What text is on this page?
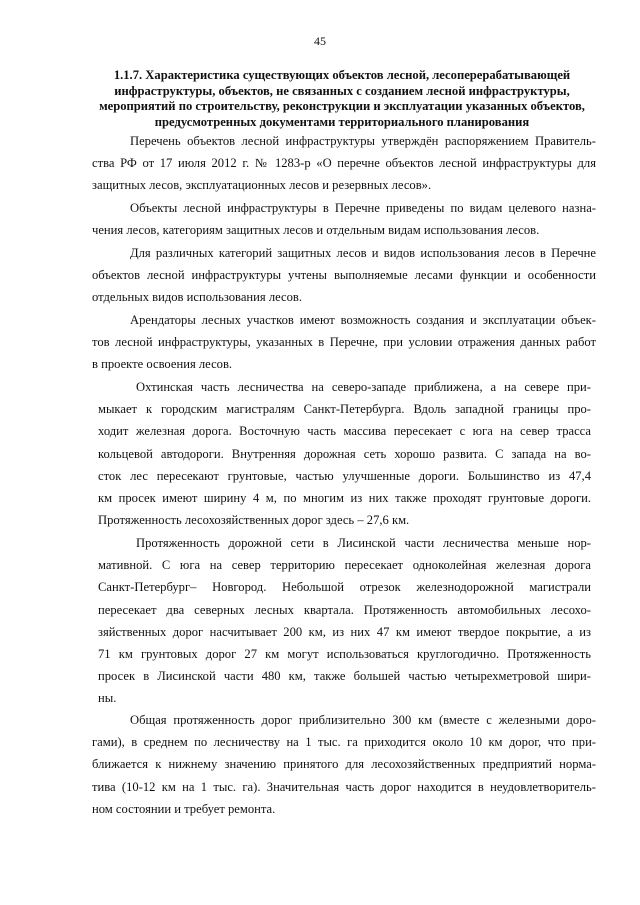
45
1.1.7. Характеристика существующих объектов лесной, лесоперерабатывающей
инфраструктуры, объектов, не связанных с созданием лесной инфраструктуры,
мероприятий по строительству, реконструкции и эксплуатации указанных объектов,
предусмотренных документами территориального планирования
Перечень объектов лесной инфраструктуры утверждён распоряжением Правитель-
ства РФ от 17 июля 2012 г. № 1283-р «О перечне объектов лесной инфраструктуры для
защитных лесов, эксплуатационных лесов и резервных лесов».
Объекты лесной инфраструктуры в Перечне приведены по видам целевого назна-
чения лесов, категориям защитных лесов и отдельным видам использования лесов.
Для различных категорий защитных лесов и видов использования лесов в Перечне
объектов лесной инфраструктуры учтены выполняемые лесами функции и особенности
отдельных видов использования лесов.
Арендаторы лесных участков имеют возможность создания и эксплуатации объек-
тов лесной инфраструктуры, указанных в Перечне, при условии отражения данных работ
в проекте освоения лесов.
Охтинская часть лесничества на северо-западе приближена, а на севере при-
мыкает к городским магистралям Санкт-Петербурга. Вдоль западной границы про-
ходит железная дорога. Восточную часть массива пересекает с юга на север трасса
кольцевой автодороги. Внутренняя дорожная сеть хорошо развита. С запада на во-
сток лес пересекают грунтовые, частью улучшенные дороги. Большинство из 47,4
км просек имеют ширину 4 м, по многим из них также проходят грунтовые дороги.
Протяженность лесохозяйственных дорог здесь – 27,6 км.
Протяженность дорожной сети в Лисинской части лесничества меньше нор-
мативной. С юга на север территорию пересекает одноколейная железная дорога
Санкт-Петербург– Новгород. Небольшой отрезок железнодорожной магистрали
пересекает два северных лесных квартала. Протяженность автомобильных лесохо-
зяйственных дорог насчитывает 200 км, из них 47 км имеют твердое покрытие, а из
71 км грунтовых дорог 27 км могут использоваться круглогодично. Протяженность
просек в Лисинской части 480 км, также большей частью четырехметровой шири-
ны.
Общая протяженность дорог приблизительно 300 км (вместе с железными доро-
гами), в среднем по лесничеству на 1 тыс. га приходится около 10 км дорог, что при-
ближается к нижнему значению принятого для лесохозяйственных предприятий норма-
тива (10-12 км на 1 тыс. га). Значительная часть дорог находится в неудовлетворитель-
ном состоянии и требует ремонта.
